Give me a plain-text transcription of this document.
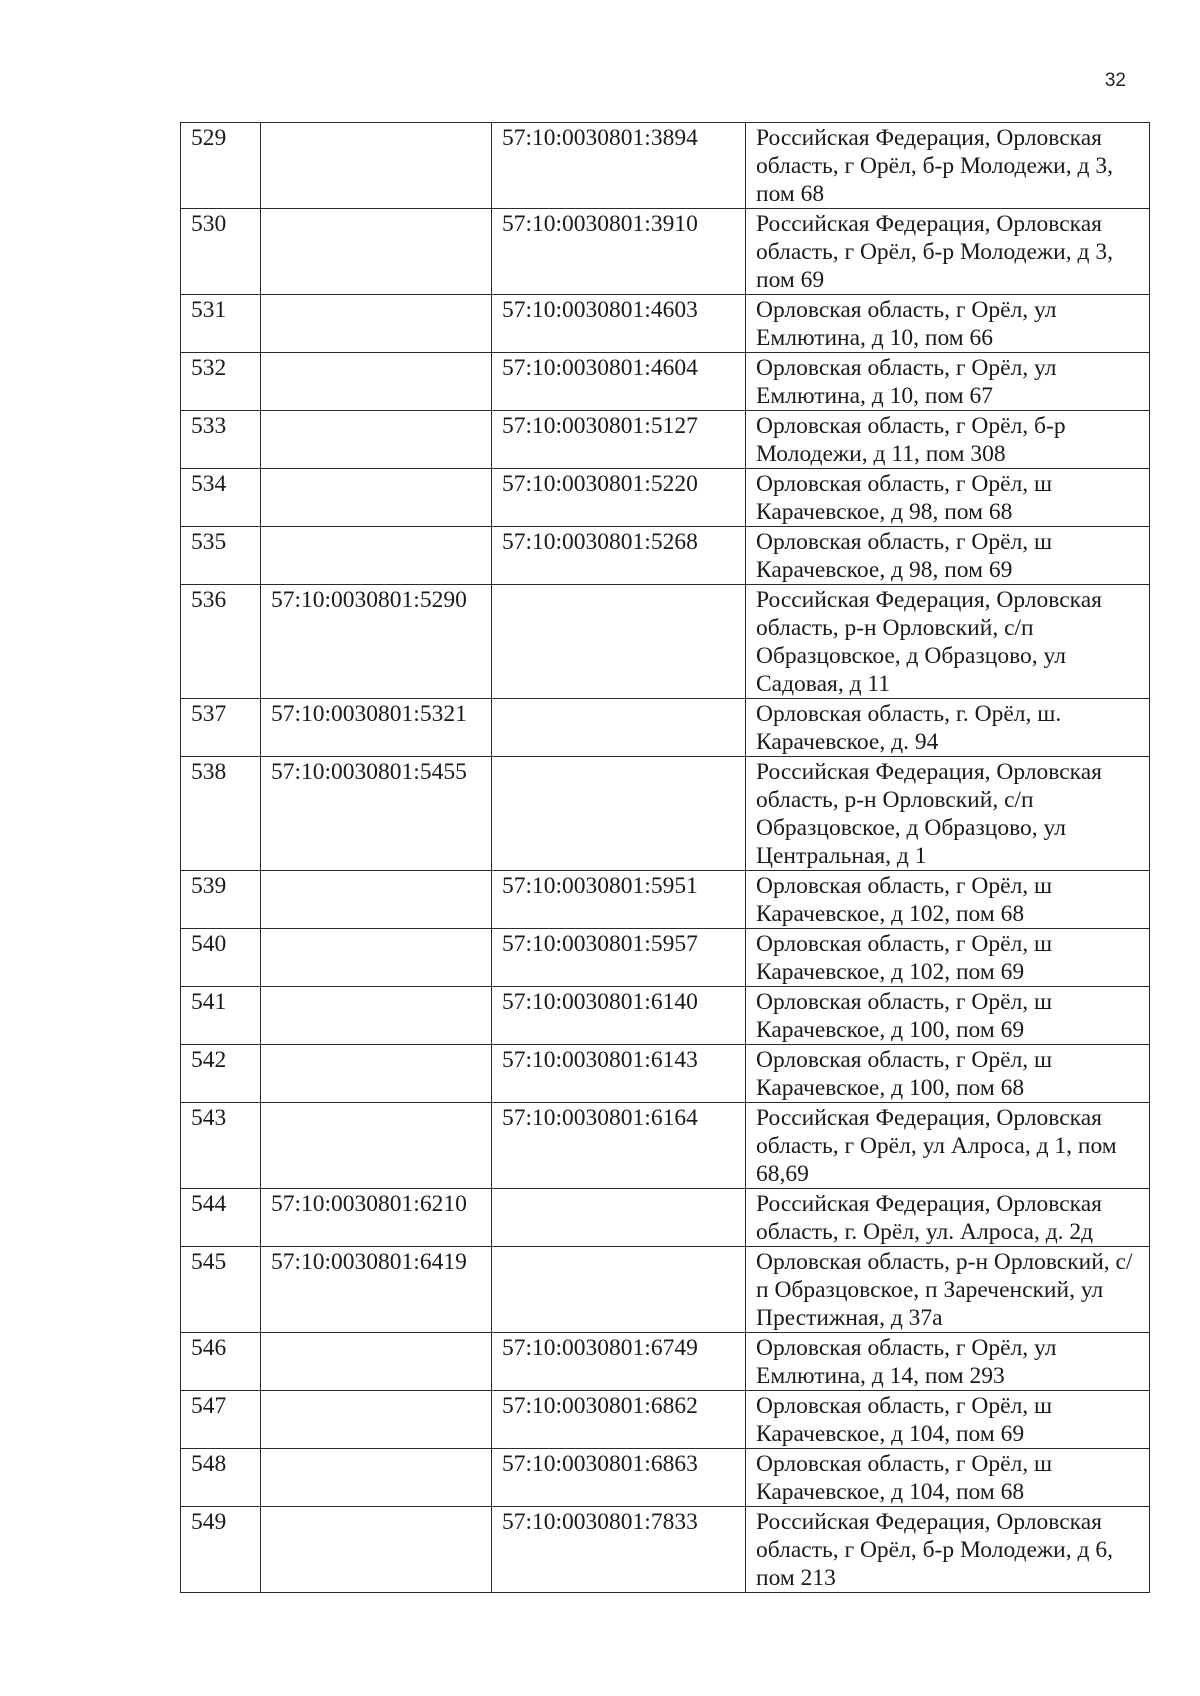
32
529		57:10:0030801:3894	Российская Федерация, Орловская область, г Орёл, б-р Молодежи, д 3, пом 68
530		57:10:0030801:3910	Российская Федерация, Орловская область, г Орёл, б-р Молодежи, д 3, пом 69
531		57:10:0030801:4603	Орловская область, г Орёл, ул Емлютина, д 10, пом 66
532		57:10:0030801:4604	Орловская область, г Орёл, ул Емлютина, д 10, пом 67
533		57:10:0030801:5127	Орловская область, г Орёл, б-р Молодежи, д 11, пом 308
534		57:10:0030801:5220	Орловская область, г Орёл, ш Карачевское, д 98, пом 68
535		57:10:0030801:5268	Орловская область, г Орёл, ш Карачевское, д 98, пом 69
536	57:10:0030801:5290		Российская Федерация, Орловская область, р-н Орловский, с/п Образцовское, д Образцово, ул Садовая, д 11
537	57:10:0030801:5321		Орловская область, г. Орёл, ш. Карачевское, д. 94
538	57:10:0030801:5455		Российская Федерация, Орловская область, р-н Орловский, с/п Образцовское, д Образцово, ул Центральная, д 1
539		57:10:0030801:5951	Орловская область, г Орёл, ш Карачевское, д 102, пом 68
540		57:10:0030801:5957	Орловская область, г Орёл, ш Карачевское, д 102, пом 69
541		57:10:0030801:6140	Орловская область, г Орёл, ш Карачевское, д 100, пом 69
542		57:10:0030801:6143	Орловская область, г Орёл, ш Карачевское, д 100, пом 68
543		57:10:0030801:6164	Российская Федерация, Орловская область, г Орёл, ул Алроса, д 1, пом 68,69
544	57:10:0030801:6210		Российская Федерация, Орловская область, г. Орёл, ул. Алроса, д. 2д
545	57:10:0030801:6419		Орловская область, р-н Орловский, с/п Образцовское, п Зареченский, ул Престижная, д 37а
546		57:10:0030801:6749	Орловская область, г Орёл, ул Емлютина, д 14, пом 293
547		57:10:0030801:6862	Орловская область, г Орёл, ш Карачевское, д 104, пом 69
548		57:10:0030801:6863	Орловская область, г Орёл, ш Карачевское, д 104, пом 68
549		57:10:0030801:7833	Российская Федерация, Орловская область, г Орёл, б-р Молодежи, д 6, пом 213
